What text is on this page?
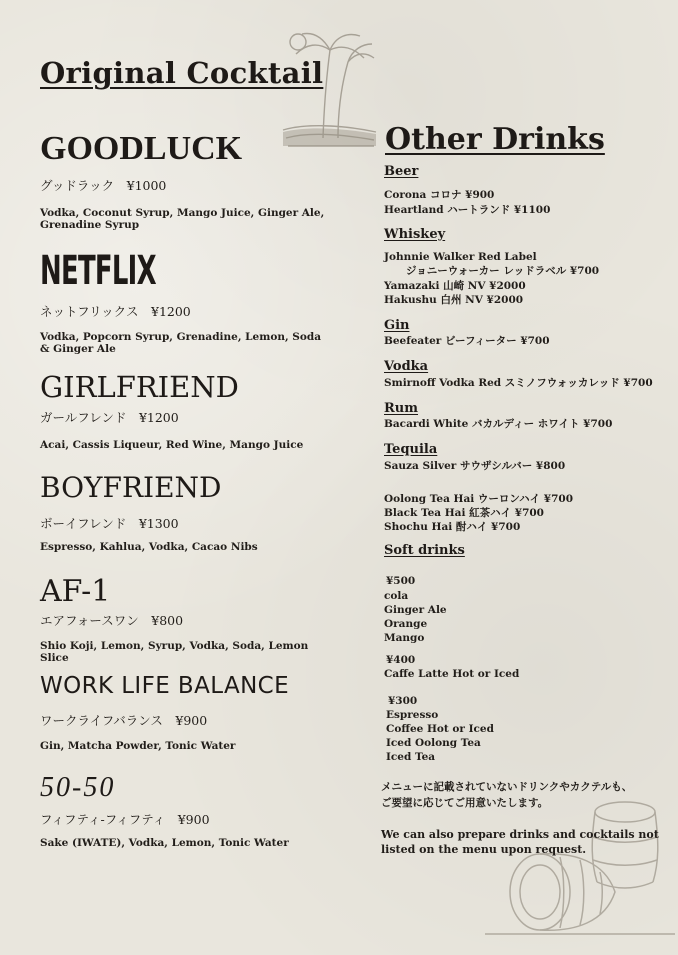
Original Cocktail
GOODLUCK
グッドラック　¥1000
Vodka, Coconut Syrup, Mango Juice, Ginger Ale, Grenadine Syrup
NETFLIX
ネットフリックス　¥1200
Vodka, Popcorn Syrup, Grenadine, Lemon, Soda & Ginger Ale
GIRLFRIEND
ガールフレンド　¥1200
Acai, Cassis Liqueur, Red Wine, Mango Juice
BOYFRIEND
ボーイフレンド　¥1300
Espresso, Kahlua, Vodka, Cacao Nibs
AF-1
エアフォースワン　¥800
Shio Koji, Lemon, Syrup, Vodka, Soda, Lemon Slice
WORK LIFE BALANCE
ワークライフバランス　¥900
Gin, Matcha Powder, Tonic Water
50-50
フィフティ-フィフティ　¥900
Sake (IWATE), Vodka, Lemon, Tonic Water
Other Drinks
Beer
Corona コロナ ¥900
Heartland ハートランド ¥1100
Whiskey
Johnnie Walker Red Label
ジョニーウォーカー レッドラベル ¥700
Yamazaki 山崎 NV ¥2000
Hakushu 白州 NV ¥2000
Gin
Beefeater ビーフィーター ¥700
Vodka
Smirnoff Vodka Red スミノフウォッカレッド ¥700
Rum
Bacardi White バカルディー ホワイト ¥700
Tequila
Sauza Silver サウザシルバー ¥800
Oolong Tea Hai ウーロンハイ ¥700
Black Tea Hai 紅茶ハイ ¥700
Shochu Hai 酎ハイ ¥700
Soft drinks
¥500
cola
Ginger Ale
Orange
Mango
¥400
Caffe Latte Hot or Iced
¥300
Espresso
Coffee Hot or Iced
Iced Oolong Tea
Iced Tea
メニューに記載されていないドリンクやカクテルも、
ご要望に応じてご用意いたします。
We can also prepare drinks and cocktails not listed on the menu upon request.
